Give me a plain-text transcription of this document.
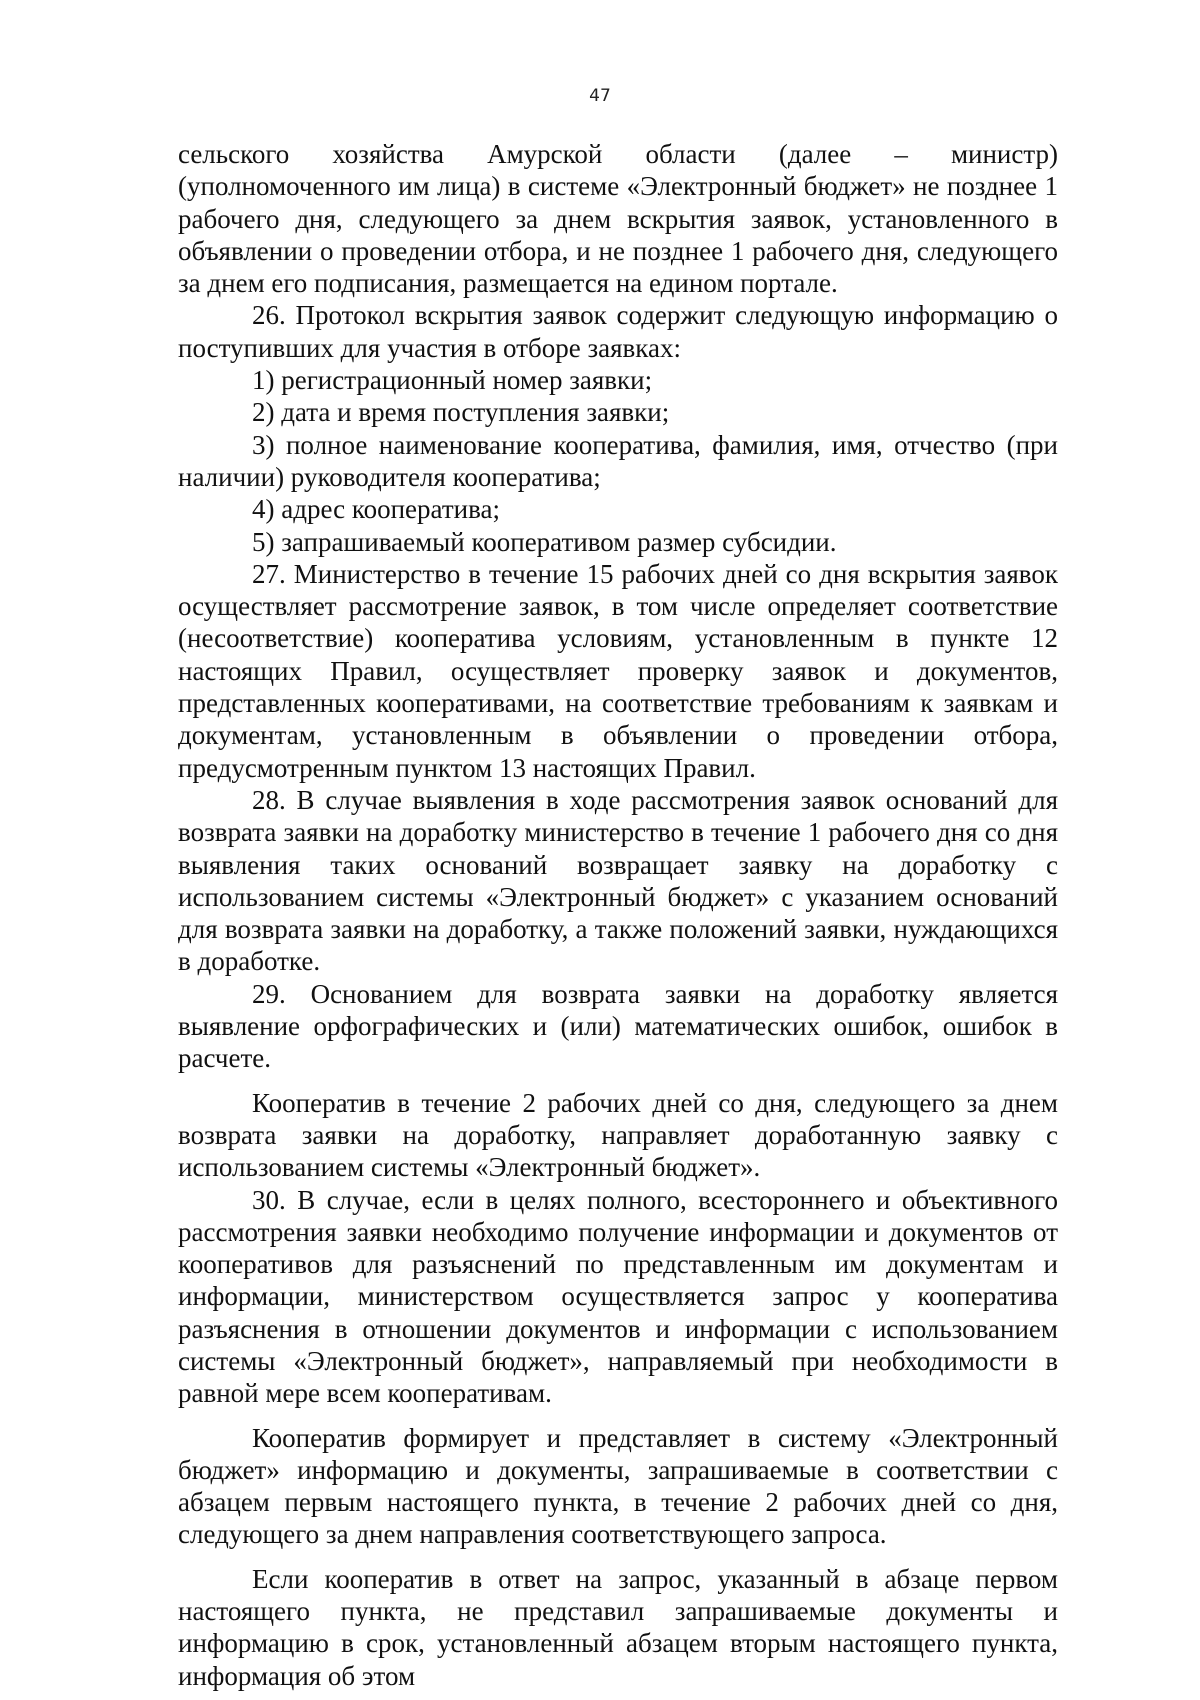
47

сельского хозяйства Амурской области (далее – министр) (уполномоченного им лица) в системе «Электронный бюджет» не позднее 1 рабочего дня, следующего за днем вскрытия заявок, установленного в объявлении о проведении отбора, и не позднее 1 рабочего дня, следующего за днем его подписания, размещается на едином портале.

26. Протокол вскрытия заявок содержит следующую информацию о поступивших для участия в отборе заявках:

1) регистрационный номер заявки;

2) дата и время поступления заявки;

3) полное наименование кооператива, фамилия, имя, отчество (при наличии) руководителя кооператива;

4) адрес кооператива;

5) запрашиваемый кооперативом размер субсидии.

27. Министерство в течение 15 рабочих дней со дня вскрытия заявок осуществляет рассмотрение заявок, в том числе определяет соответствие (несоответствие) кооператива условиям, установленным в пункте 12 настоящих Правил, осуществляет проверку заявок и документов, представленных кооперативами, на соответствие требованиям к заявкам и документам, установленным в объявлении о проведении отбора, предусмотренным пунктом 13 настоящих Правил.

28. В случае выявления в ходе рассмотрения заявок оснований для возврата заявки на доработку министерство в течение 1 рабочего дня со дня выявления таких оснований возвращает заявку на доработку с использованием системы «Электронный бюджет» с указанием оснований для возврата заявки на доработку, а также положений заявки, нуждающихся в доработке.

29. Основанием для возврата заявки на доработку является выявление орфографических и (или) математических ошибок, ошибок в расчете.

Кооператив в течение 2 рабочих дней со дня, следующего за днем возврата заявки на доработку, направляет доработанную заявку с использованием системы «Электронный бюджет».

30. В случае, если в целях полного, всестороннего и объективного рассмотрения заявки необходимо получение информации и документов от кооперативов для разъяснений по представленным им документам и информации, министерством осуществляется запрос у кооператива разъяснения в отношении документов и информации с использованием системы «Электронный бюджет», направляемый при необходимости в равной мере всем кооперативам.

Кооператив формирует и представляет в систему «Электронный бюджет» информацию и документы, запрашиваемые в соответствии с абзацем первым настоящего пункта, в течение 2 рабочих дней со дня, следующего за днем направления соответствующего запроса.

Если кооператив в ответ на запрос, указанный в абзаце первом настоящего пункта, не представил запрашиваемые документы и информацию в срок, установленный абзацем вторым настоящего пункта, информация об этом
